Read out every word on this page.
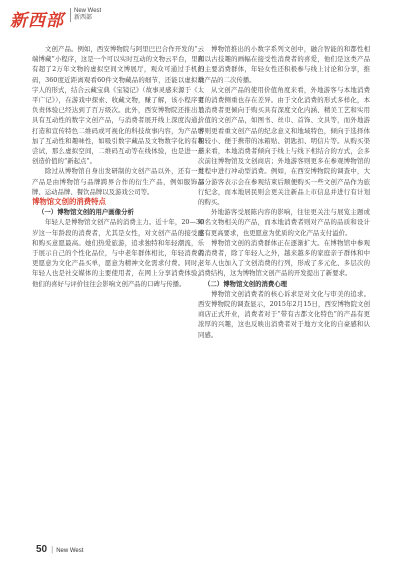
新西部 New West
新西部

文创产品。例如，西安博物院与阿里巴巴合作开发的“云端博藏”小程序，这是一个可以实时互动的文物云平台，里面有超了2万年文物的虚拟空间文博展厅，观众可通过手机扫码，360度近距离观看60件文物藏品的细节，还能以虚拟数字人的形式，结合云藏宝典《宝镜记》（故事灵感来源于《太平广记》），在游戏中探索、收藏文物，赚了解，该小程序更负责体验已经达到了百万级次。此外，西安博物院还推出了具有互动性的数字文创产品，与消费者展开线上深度沟通，打造和宣传特色二维码或可视化的科技故事内容，为产品增加了互动性和趣味性，如吸引数字藏品及文物数字化的有趣尝试，那么虚拟空间，二维码互动等在线体验，也是进一步创造价值的“新起点”。

除过从博物馆自身出发研制的文创产品以外，还有一类产品是由博物馆与品牌跨界合作的衍生产品，例如服饰品牌、运动品牌、餐饮品牌以及游戏公司等。

博物馆文创的消费特点

（一）博物馆文创的用户画像分析

年轻人是博物馆文创产品的消费主力。近十年，20—30岁这一年龄段的消费者，尤其是女性，对文创产品的接受度和购买意愿最高。她们热爱旅游，追求独特和年轻潮流，乐于展示自己的个性化品位，与中老年群体相比，年轻消费者更愿意为文化产品买单，愿意为精神文化需求付费。同时，年轻人也是社交媒体的主要使用者，在网上分享消费体验，他们的喜好与评价往往会影响文创产品的口碑与传播。

博物馆推出的小数字系列文创中，融合智能的和都性相和以古技趣的画幅在接受性消费者的喜爱，他们是这类产品的主要消费群体，年轻女性还积极参与线上讨论和分享，推动产品的二次传播。

从文创产品的使用价值角度来看，外地游客与本地消费者的消费侧重也存在差异。由于文化消费的形式多样化，本地消费者更倾向于购买具有深度文化内涵、精美工艺和实用价值的文创产品，如图书、丝巾、首饰、文具等，而外地游客则更看重文创产品的纪念意义和地域特色，倾向于选择体积较小、便于携带的冰箱贴、钥匙扣、明信片等。从购买渠道来看，本地消费者倾向于线上与线下相结合的方式，会多次前往博物馆及文创商店；外地游客则更多在参观博物馆的过程中进行冲动型消费。例如，在西安博物院的调查中，大部分游客表示会在参观结束后顺便购买一些文创产品作为旅行纪念，而本地居民则会更关注新品上市信息并进行有计划的购买。

外地游客受展陈内容的影响，往往更关注与展览主题或知名文物相关的产品，而本地消费者则对产品的品质和设计感有更高要求，也更愿意为优质的文化产品支付溢价。

博物馆文创的消费群体正在逐渐扩大。在博物馆中参观的消费者，除了年轻人之外，越来越多的家庭亲子群体和中老年人也加入了文创消费的行列，形成了多元化、多层次的消费结构，这为博物馆文创产品的开发提出了新要求。

（二）博物馆文创的消费心理

博物馆文创消费者的核心诉求是对文化与审美的追求。西安博物院的调查显示，2015年2月15日，西安博物院文创商店正式开业，消费者对于“带有古都文化特色”的产品有更浓厚的兴趣，这也反映出消费者对于地方文化的自豪感和认同感。

50 | New West
